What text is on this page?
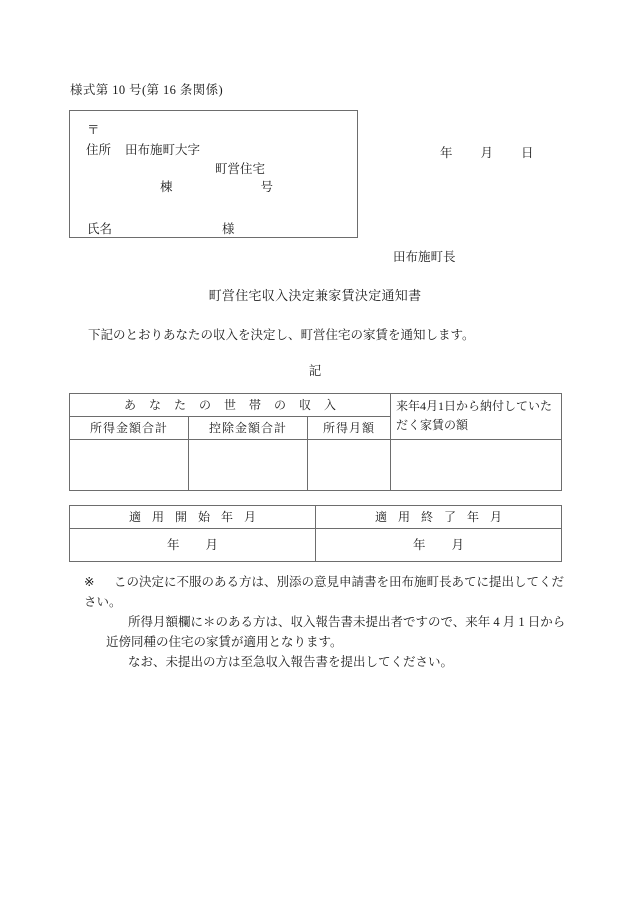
様式第 10 号(第 16 条関係)
〒
住所 田布施町大字
町営住宅
棟	号
氏名	様
年 月 日
田布施町長
町営住宅収入決定兼家賃決定通知書
下記のとおりあなたの収入を決定し、町営住宅の家賃を通知します。
記
あなたの世帯の収入			来年4月1日から納付していただく家賃の額
所得金額合計	控除金額合計	所得月額	

適用開始年月	適用終了年月
年 月	年 月
※ この決定に不服のある方は、別添の意見申請書を田布施町長あてに提出してください。
所得月額欄に＊のある方は、収入報告書未提出者ですので、来年 4 月 1 日から近傍同種の住宅の家賃が適用となります。
なお、未提出の方は至急収入報告書を提出してください。
